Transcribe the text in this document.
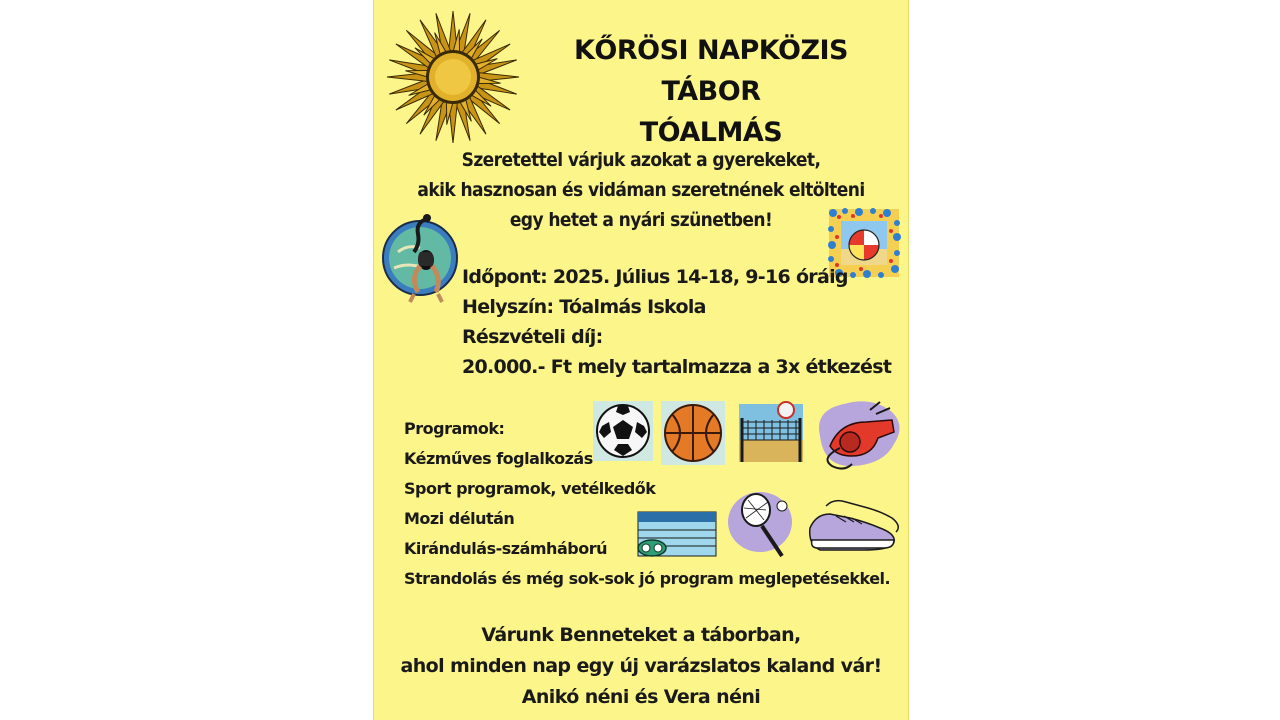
KŐRÖSI NAPKÖZIS TÁBOR
TÓALMÁS
Szeretettel várjuk azokat a gyerekeket,
akik hasznosan és vidáman szeretnének eltölteni
egy hetet a nyári szünetben!
Időpont: 2025. Július 14-18, 9-16 óráig
Helyszín: Tóalmás Iskola
Részvételi díj:
20.000.- Ft mely tartalmazza a 3x étkezést
Programok:
Kézműves foglalkozás
Sport programok, vetélkedők
Mozi délután
Kirándulás-számháború
Strandolás és még sok-sok jó program meglepetésekkel.
Várunk Benneteket a táborban,
ahol minden nap egy új varázslatos kaland vár!
Anikó néni és Vera néni
